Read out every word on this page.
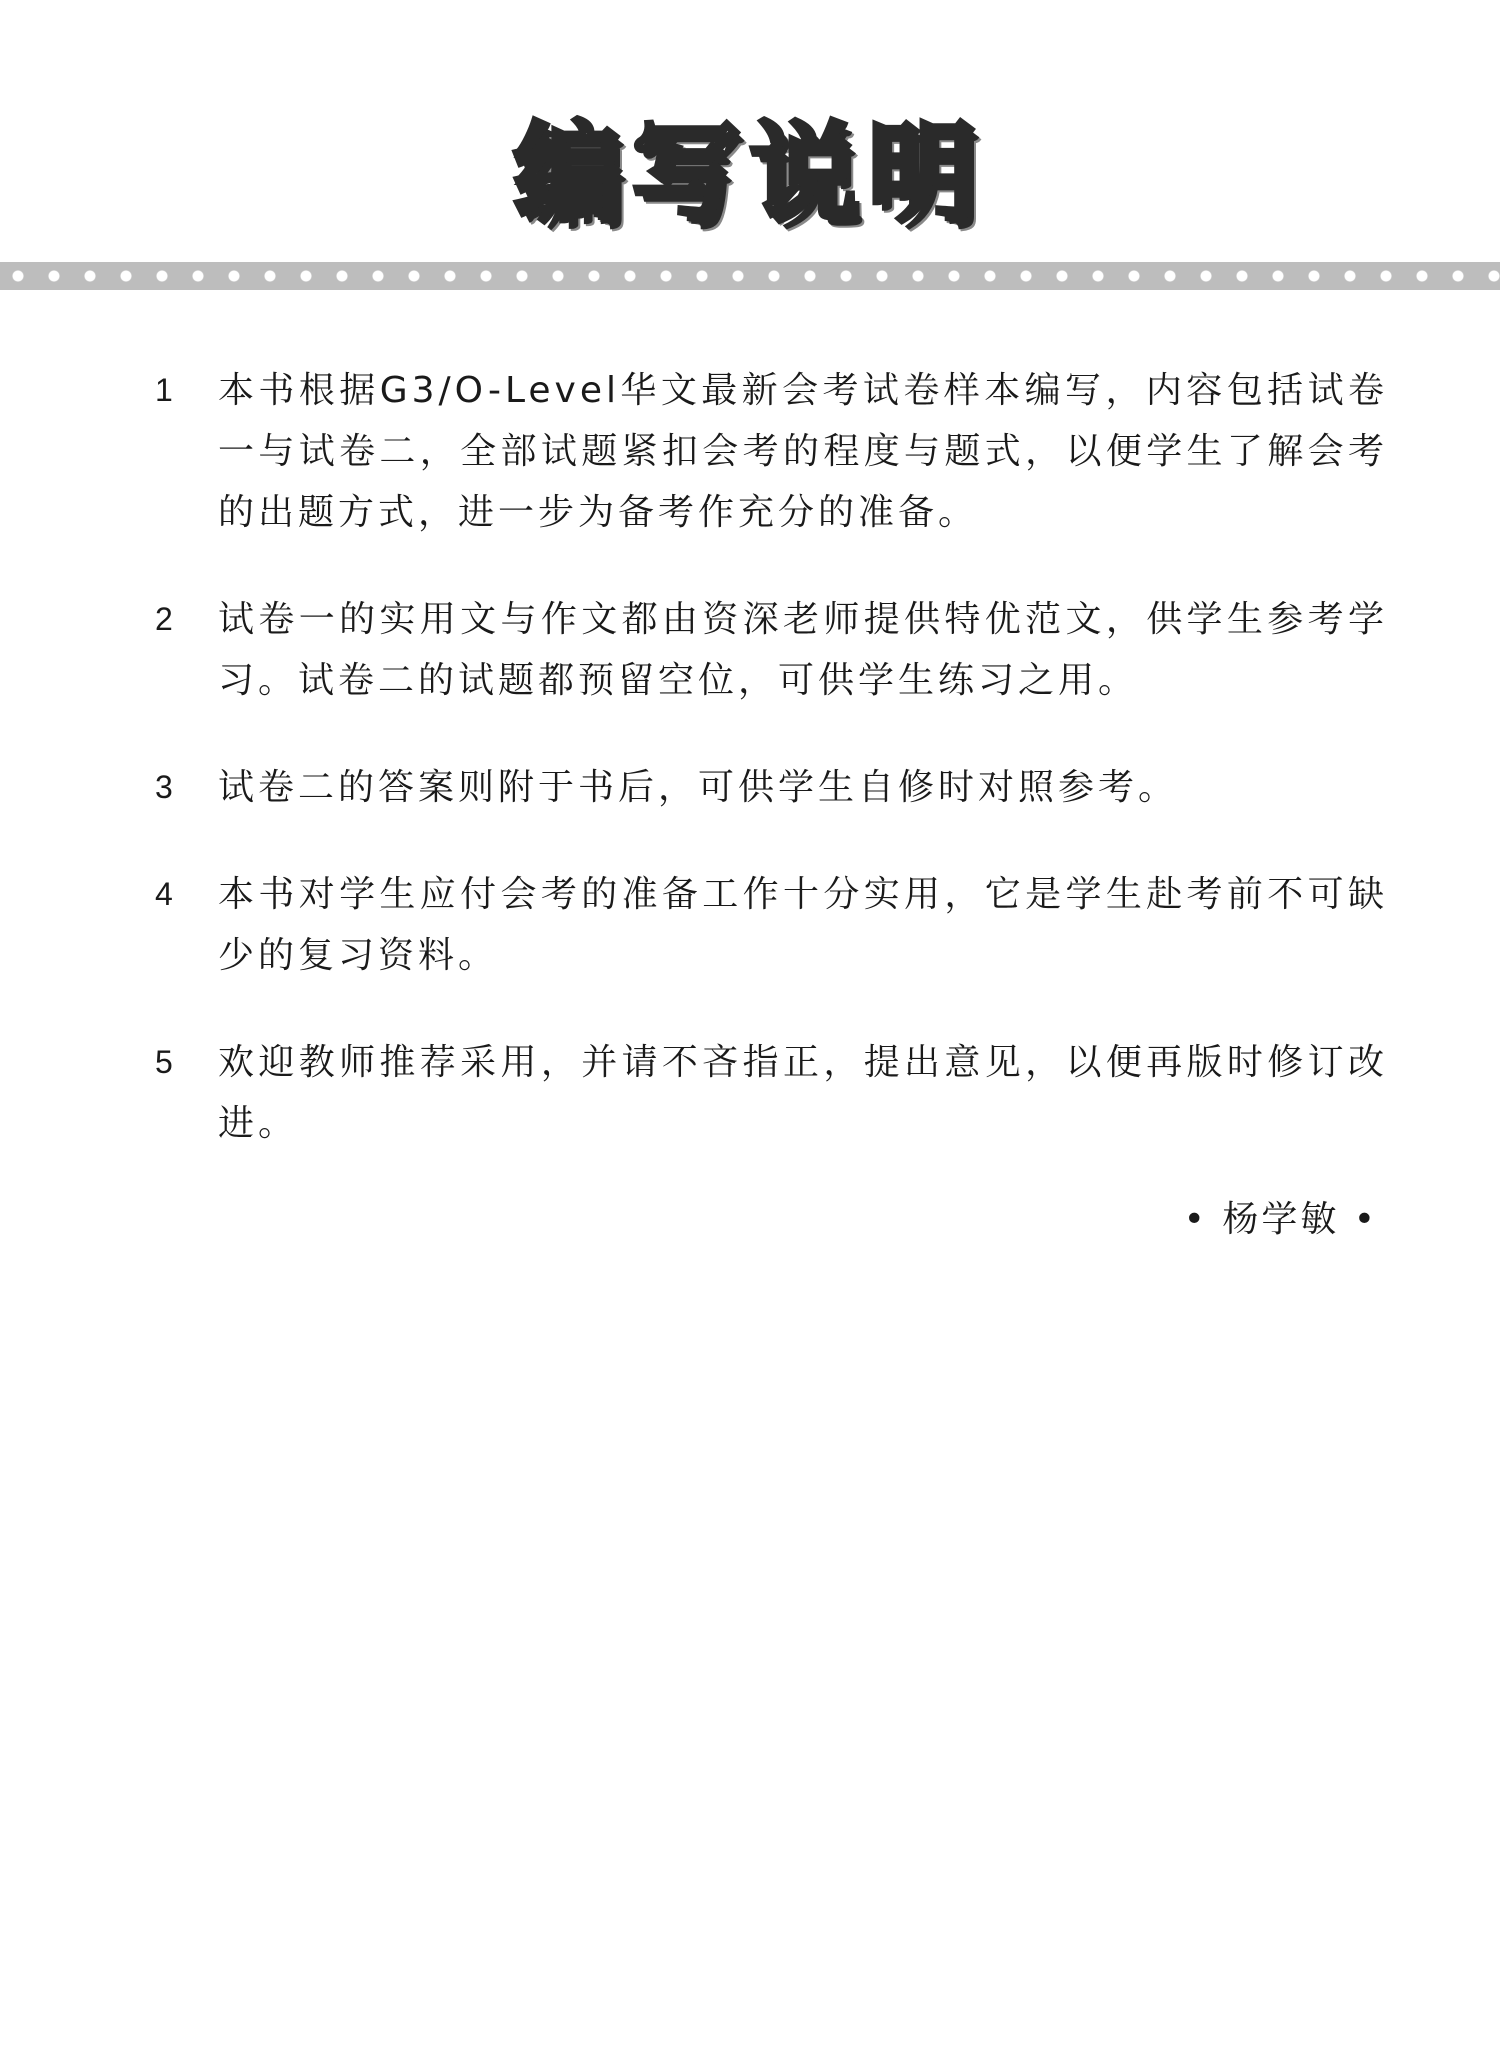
编写说明
1	本书根据G3/O-Level华文最新会考试卷样本编写，内容包括试卷一与试卷二，全部试题紧扣会考的程度与题式，以便学生了解会考的出题方式，进一步为备考作充分的准备。
2	试卷一的实用文与作文都由资深老师提供特优范文，供学生参考学习。试卷二的试题都预留空位，可供学生练习之用。
3	试卷二的答案则附于书后，可供学生自修时对照参考。
4	本书对学生应付会考的准备工作十分实用，它是学生赴考前不可缺少的复习资料。
5	欢迎教师推荐采用，并请不吝指正，提出意见，以便再版时修订改进。
• 杨学敏 •
